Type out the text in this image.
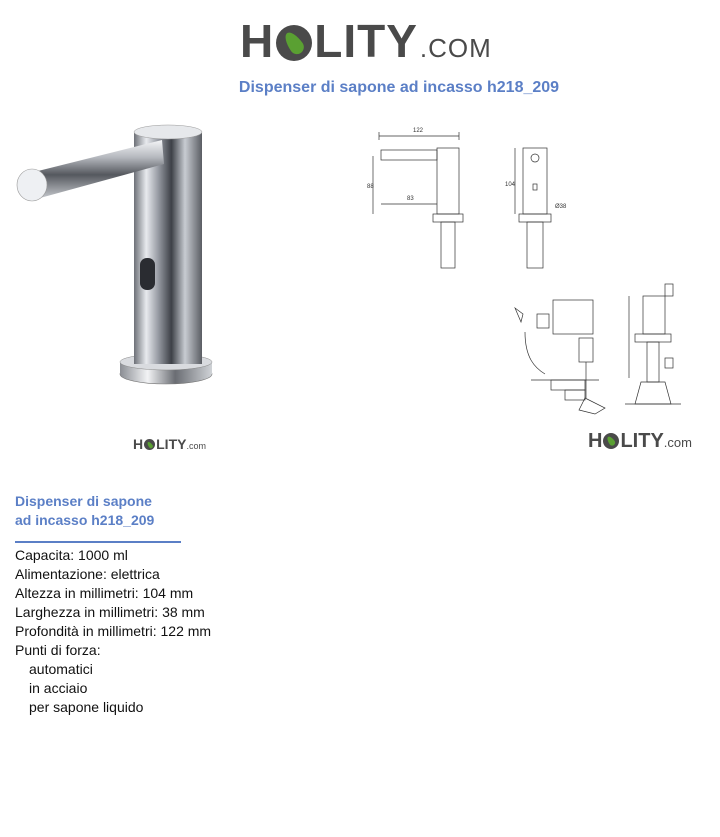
H LITY .COM
Dispenser di sapone ad incasso h218_209
122
88
83
104
Ø38
H LITY .com	H LITY .com
Dispenser di sapone
ad incasso h218_209
Capacita: 1000 ml
Alimentazione: elettrica
Altezza in millimetri: 104 mm
Larghezza in millimetri: 38 mm
Profondità in millimetri: 122 mm
Punti di forza:
automatici
in acciaio
per sapone liquido
